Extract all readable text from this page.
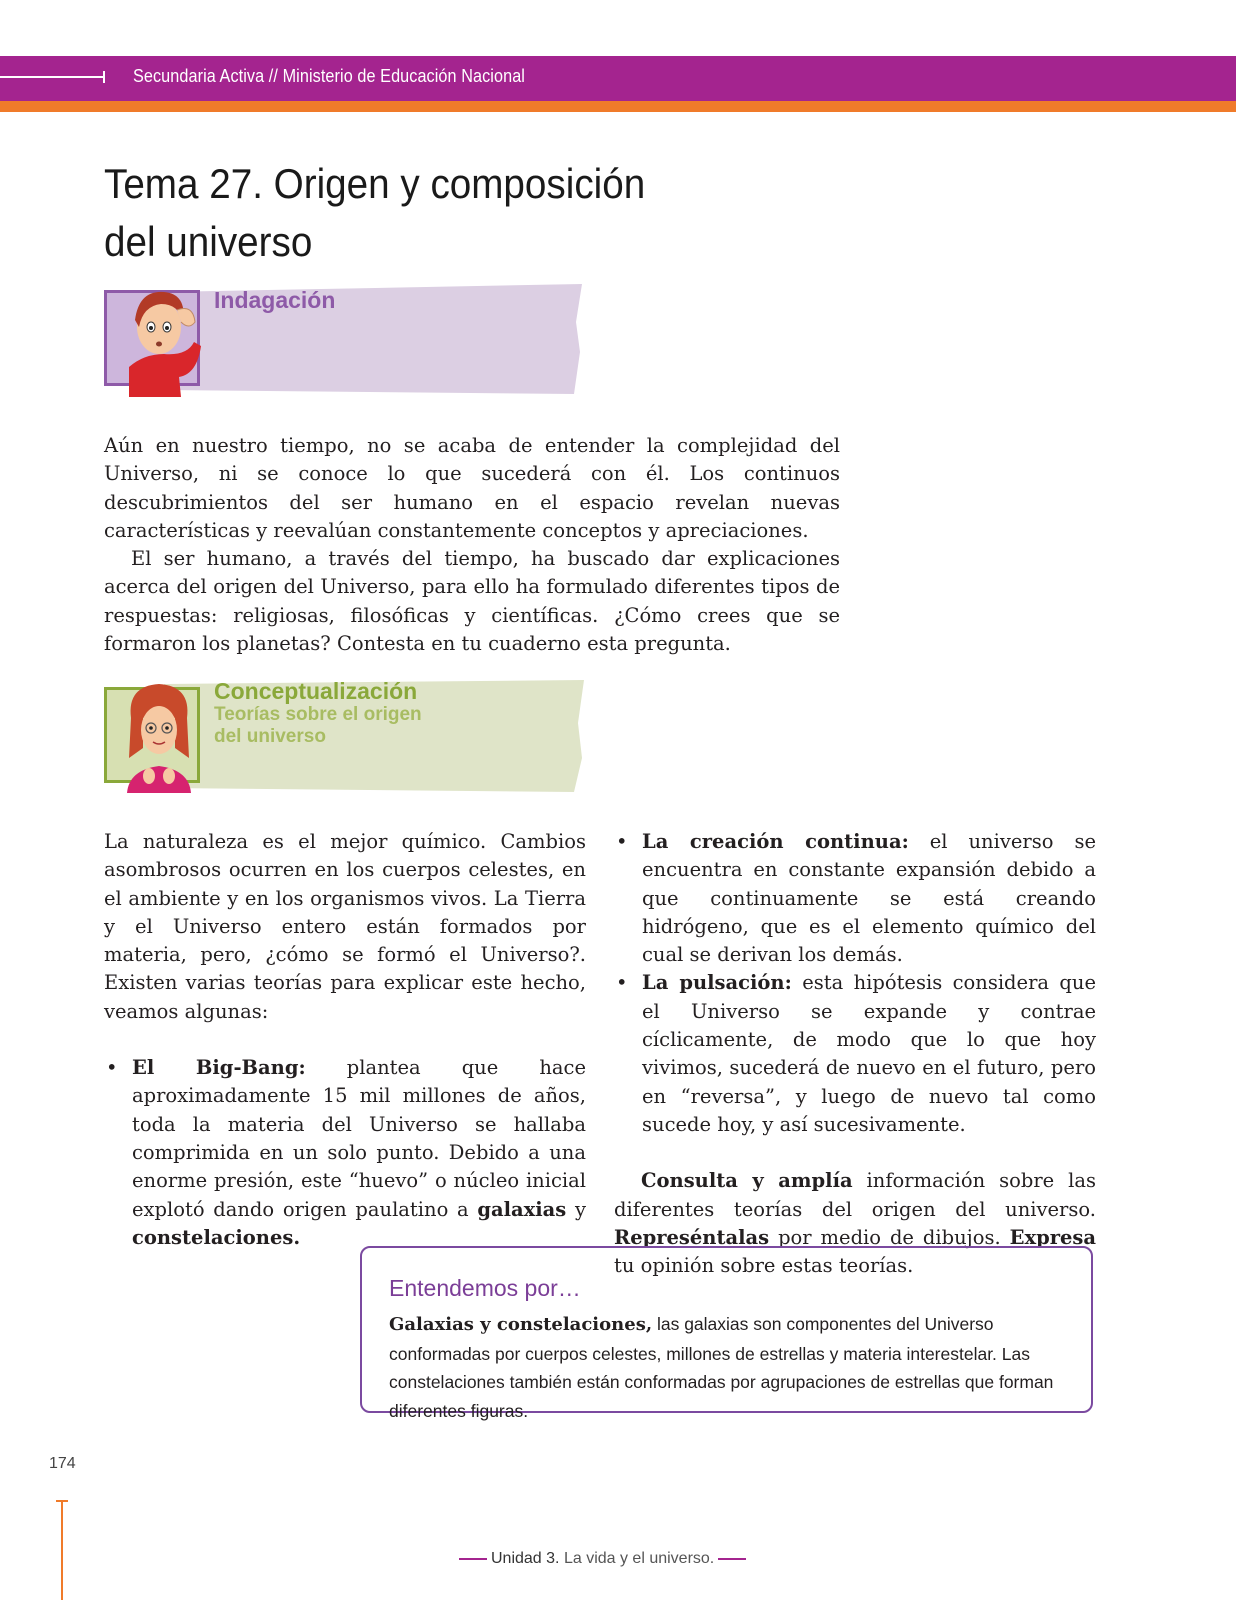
Secundaria Activa // Ministerio de Educación Nacional
Tema 27. Origen y composición
del universo
Indagación

Aún en nuestro tiempo, no se acaba de entender la complejidad del Universo, ni se conoce lo que sucederá con él. Los continuos descubrimientos del ser humano en el espacio revelan nuevas características y reevalúan constantemente conceptos y apreciaciones.

El ser humano, a través del tiempo, ha buscado dar explicaciones acerca del origen del Universo, para ello ha formulado diferentes tipos de respuestas: religiosas, filosóficas y científicas. ¿Cómo crees que se formaron los planetas? Contesta en tu cuaderno esta pregunta.

Conceptualización
Teorías sobre el origen
del universo

La naturaleza es el mejor químico. Cambios asombrosos ocurren en los cuerpos celestes, en el ambiente y en los organismos vivos. La Tierra y el Universo entero están formados por materia, pero, ¿cómo se formó el Universo?. Existen varias teorías para explicar este hecho, veamos algunas:

• El Big-Bang: plantea que hace aproximadamente 15 mil millones de años, toda la materia del Universo se hallaba comprimida en un solo punto. Debido a una enorme presión, este “huevo” o núcleo inicial explotó dando origen paulatino a galaxias y constelaciones.
• La creación continua: el universo se encuentra en constante expansión debido a que continuamente se está creando hidrógeno, que es el elemento químico del cual se derivan los demás.
• La pulsación: esta hipótesis considera que el Universo se expande y contrae cíclicamente, de modo que lo que hoy vivimos, sucederá de nuevo en el futuro, pero en “reversa”, y luego de nuevo tal como sucede hoy, y así sucesivamente.

Consulta y amplía información sobre las diferentes teorías del origen del universo. Represéntalas por medio de dibujos. Expresa tu opinión sobre estas teorías.

Entendemos por…
Galaxias y constelaciones, las galaxias son componentes del Universo conformadas por cuerpos celestes, millones de estrellas y materia interestelar. Las constelaciones también están conformadas por agrupaciones de estrellas que forman diferentes figuras.
174
Unidad 3. La vida y el universo.
